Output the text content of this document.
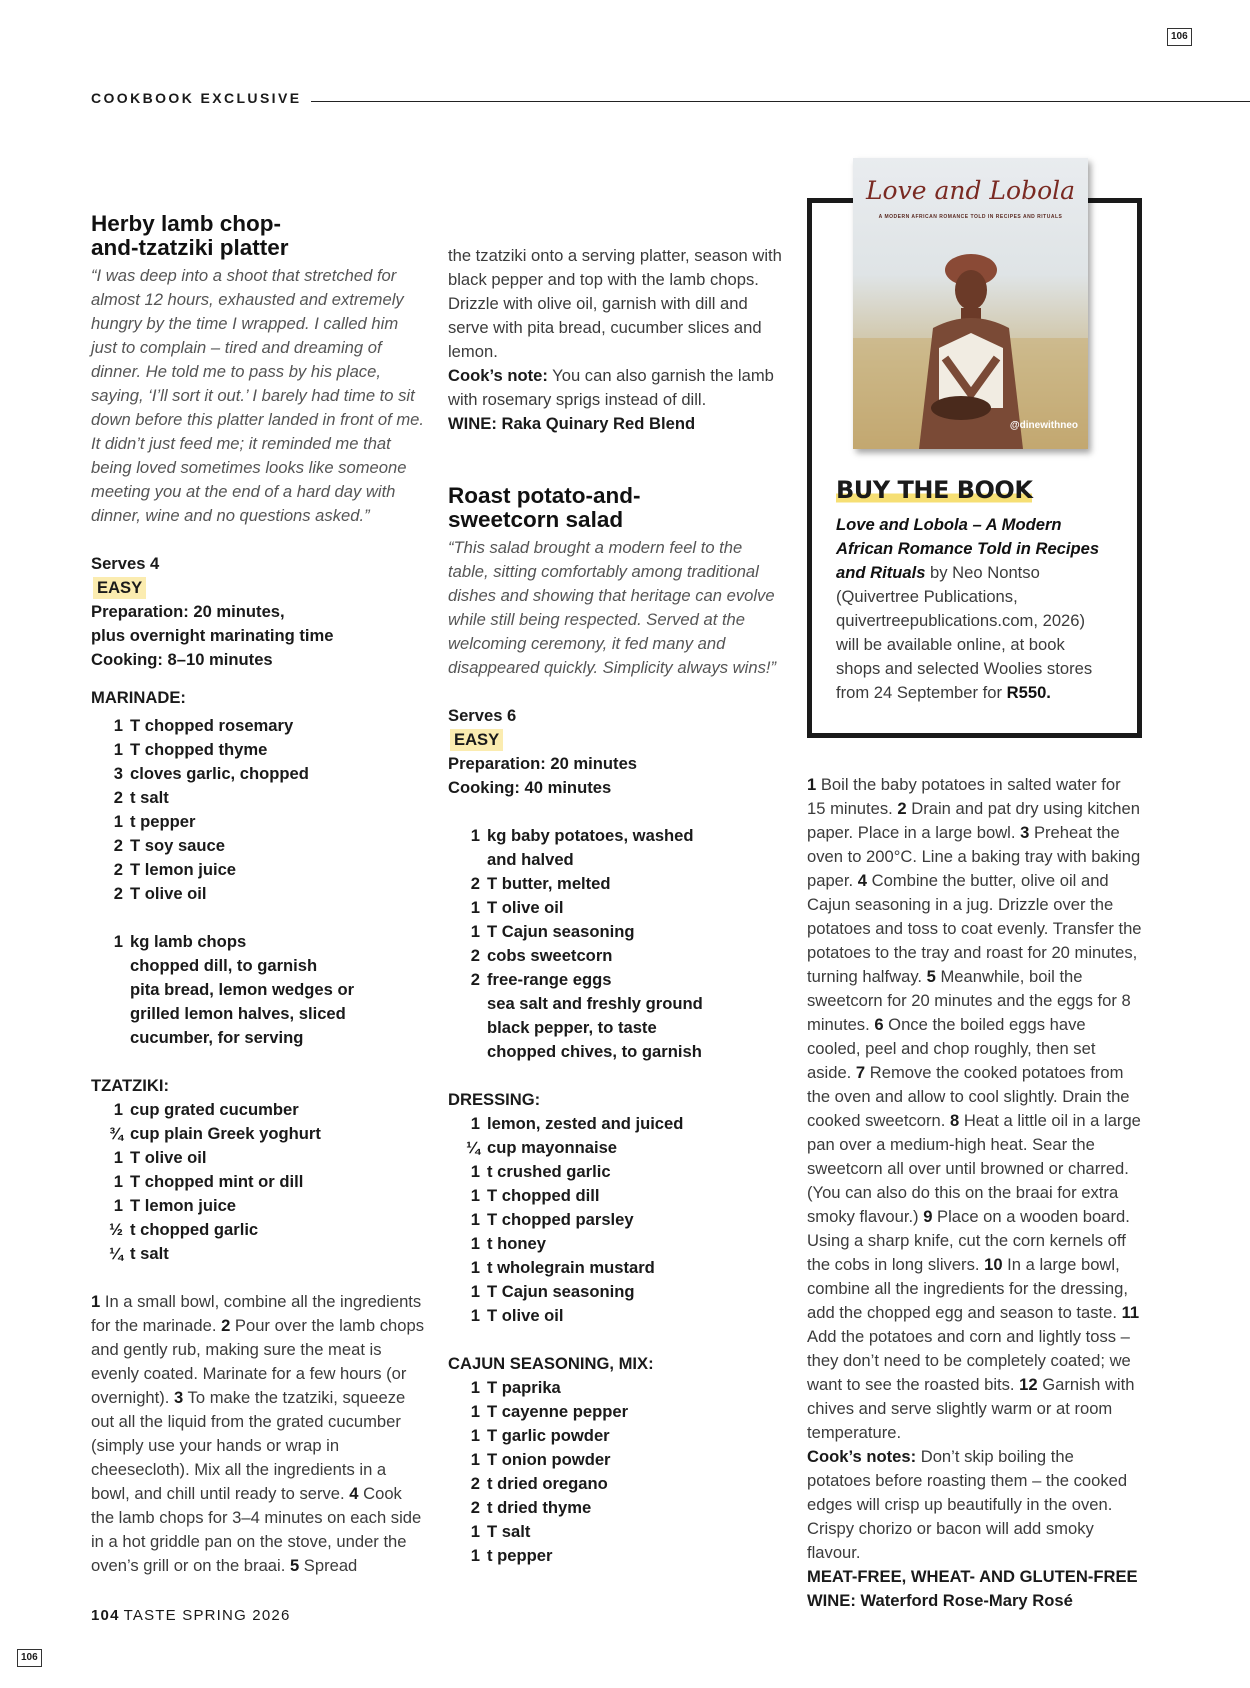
106
106
COOKBOOK EXCLUSIVE
Herby lamb chop-
and-tzatziki platter

“I was deep into a shoot that stretched for almost 12 hours, exhausted and extremely hungry by the time I wrapped. I called him just to complain – tired and dreaming of dinner. He told me to pass by his place, saying, ‘I’ll sort it out.’ I barely had time to sit down before this platter landed in front of me.
It didn’t just feed me; it reminded me that being loved sometimes looks like someone meeting you at the end of a hard day with dinner, wine and no questions asked.”

Serves 4

EASY

Preparation: 20 minutes,
plus overnight marinating time

Cooking: 8–10 minutes

MARINADE:

1 T chopped rosemary
1 T chopped thyme
3 cloves garlic, chopped
2 t salt
1 t pepper
2 T soy sauce
2 T lemon juice
2 T olive oil
1 kg lamb chops
chopped dill, to garnish
pita bread, lemon wedges or grilled lemon halves, sliced cucumber, for serving

TZATZIKI:

1 cup grated cucumber
¾ cup plain Greek yoghurt
1 T olive oil
1 T chopped mint or dill
1 T lemon juice
½ t chopped garlic
¼ t salt

1 In a small bowl, combine all the ingredients for the marinade. 2 Pour over the lamb chops and gently rub, making sure the meat is evenly coated. Marinate for a few hours (or overnight). 3 To make the tzatziki, squeeze out all the liquid from the grated cucumber (simply use your hands or wrap in cheesecloth). Mix all the ingredients in a bowl, and chill until ready to serve. 4 Cook the lamb chops for 3–4 minutes on each side in a hot griddle pan on the stove, under the oven’s grill or on the braai. 5 Spread

the tzatziki onto a serving platter, season with black pepper and top with the lamb chops. Drizzle with olive oil, garnish with dill and serve with pita bread, cucumber slices and lemon.

Cook’s note: You can also garnish the lamb with rosemary sprigs instead of dill.

WINE: Raka Quinary Red Blend

Roast potato-and-
sweetcorn salad

“This salad brought a modern feel to the table, sitting comfortably among traditional dishes and showing that heritage can evolve while still being respected. Served at the welcoming ceremony, it fed many and disappeared quickly. Simplicity always wins!”

Serves 6

EASY

Preparation: 20 minutes

Cooking: 40 minutes

1 kg baby potatoes, washed and halved
2 T butter, melted
1 T olive oil
1 T Cajun seasoning
2 cobs sweetcorn
2 free-range eggs
sea salt and freshly ground black pepper, to taste
chopped chives, to garnish

DRESSING:

1 lemon, zested and juiced
¼ cup mayonnaise
1 t crushed garlic
1 T chopped dill
1 T chopped parsley
1 t honey
1 t wholegrain mustard
1 T Cajun seasoning
1 T olive oil

CAJUN SEASONING, MIX:

1 T paprika
1 T cayenne pepper
1 T garlic powder
1 T onion powder
2 t dried oregano
2 t dried thyme
1 T salt
1 t pepper
Love and Lobola
A MODERN AFRICAN ROMANCE TOLD IN RECIPES AND RITUALS
@dinewithneo
BUY THE BOOK
Love and Lobola – A Modern African Romance Told in Recipes and Rituals by Neo Nontso (Quivertree Publications, quivertreepublications.com, 2026) will be available online, at book shops and selected Woolies stores from 24 September for R550.

1 Boil the baby potatoes in salted water for 15 minutes. 2 Drain and pat dry using kitchen paper. Place in a large bowl. 3 Preheat the oven to 200°C. Line a baking tray with baking paper. 4 Combine the butter, olive oil and Cajun seasoning in a jug. Drizzle over the potatoes and toss to coat evenly. Transfer the potatoes to the tray and roast for 20 minutes, turning halfway. 5 Meanwhile, boil the sweetcorn for 20 minutes and the eggs for 8 minutes. 6 Once the boiled eggs have cooled, peel and chop roughly, then set aside. 7 Remove the cooked potatoes from the oven and allow to cool slightly. Drain the cooked sweetcorn. 8 Heat a little oil in a large pan over a medium-high heat. Sear the sweetcorn all over until browned or charred. (You can also do this on the braai for extra smoky flavour.) 9 Place on a wooden board. Using a sharp knife, cut the corn kernels off the cobs in long slivers. 10 In a large bowl, combine all the ingredients for the dressing, add the chopped egg and season to taste. 11 Add the potatoes and corn and lightly toss – they don’t need to be completely coated; we want to see the roasted bits. 12 Garnish with chives and serve slightly warm or at room temperature.

Cook’s notes: Don’t skip boiling the potatoes before roasting them – the cooked edges will crisp up beautifully in the oven. Crispy chorizo or bacon will add smoky flavour.

MEAT-FREE, WHEAT- AND GLUTEN-FREE

WINE: Waterford Rose-Mary Rosé

104 TASTE SPRING 2026
